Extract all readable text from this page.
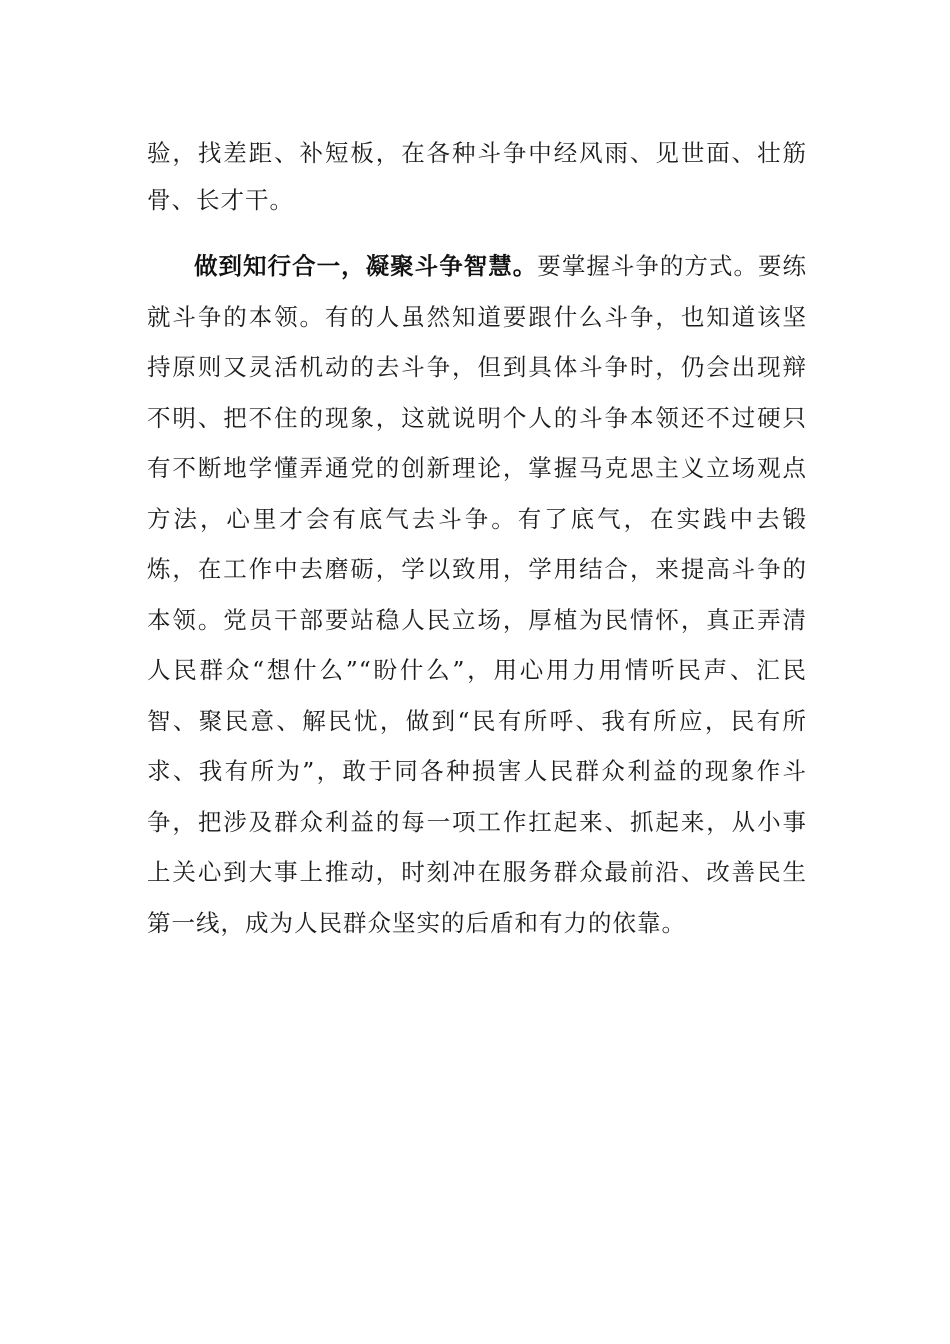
验，找差距、补短板，在各种斗争中经风雨、见世面、壮筋骨、长才干。

做到知行合一，凝聚斗争智慧。要掌握斗争的方式。要练就斗争的本领。有的人虽然知道要跟什么斗争，也知道该坚持原则又灵活机动的去斗争，但到具体斗争时，仍会出现辩不明、把不住的现象，这就说明个人的斗争本领还不过硬只有不断地学懂弄通党的创新理论，掌握马克思主义立场观点方法，心里才会有底气去斗争。有了底气，在实践中去锻炼，在工作中去磨砺，学以致用，学用结合，来提高斗争的本领。党员干部要站稳人民立场，厚植为民情怀，真正弄清人民群众“想什么”“盼什么”，用心用力用情听民声、汇民智、聚民意、解民忧，做到“民有所呼、我有所应，民有所求、我有所为”，敢于同各种损害人民群众利益的现象作斗争，把涉及群众利益的每一项工作扛起来、抓起来，从小事上关心到大事上推动，时刻冲在服务群众最前沿、改善民生第一线，成为人民群众坚实的后盾和有力的依靠。
